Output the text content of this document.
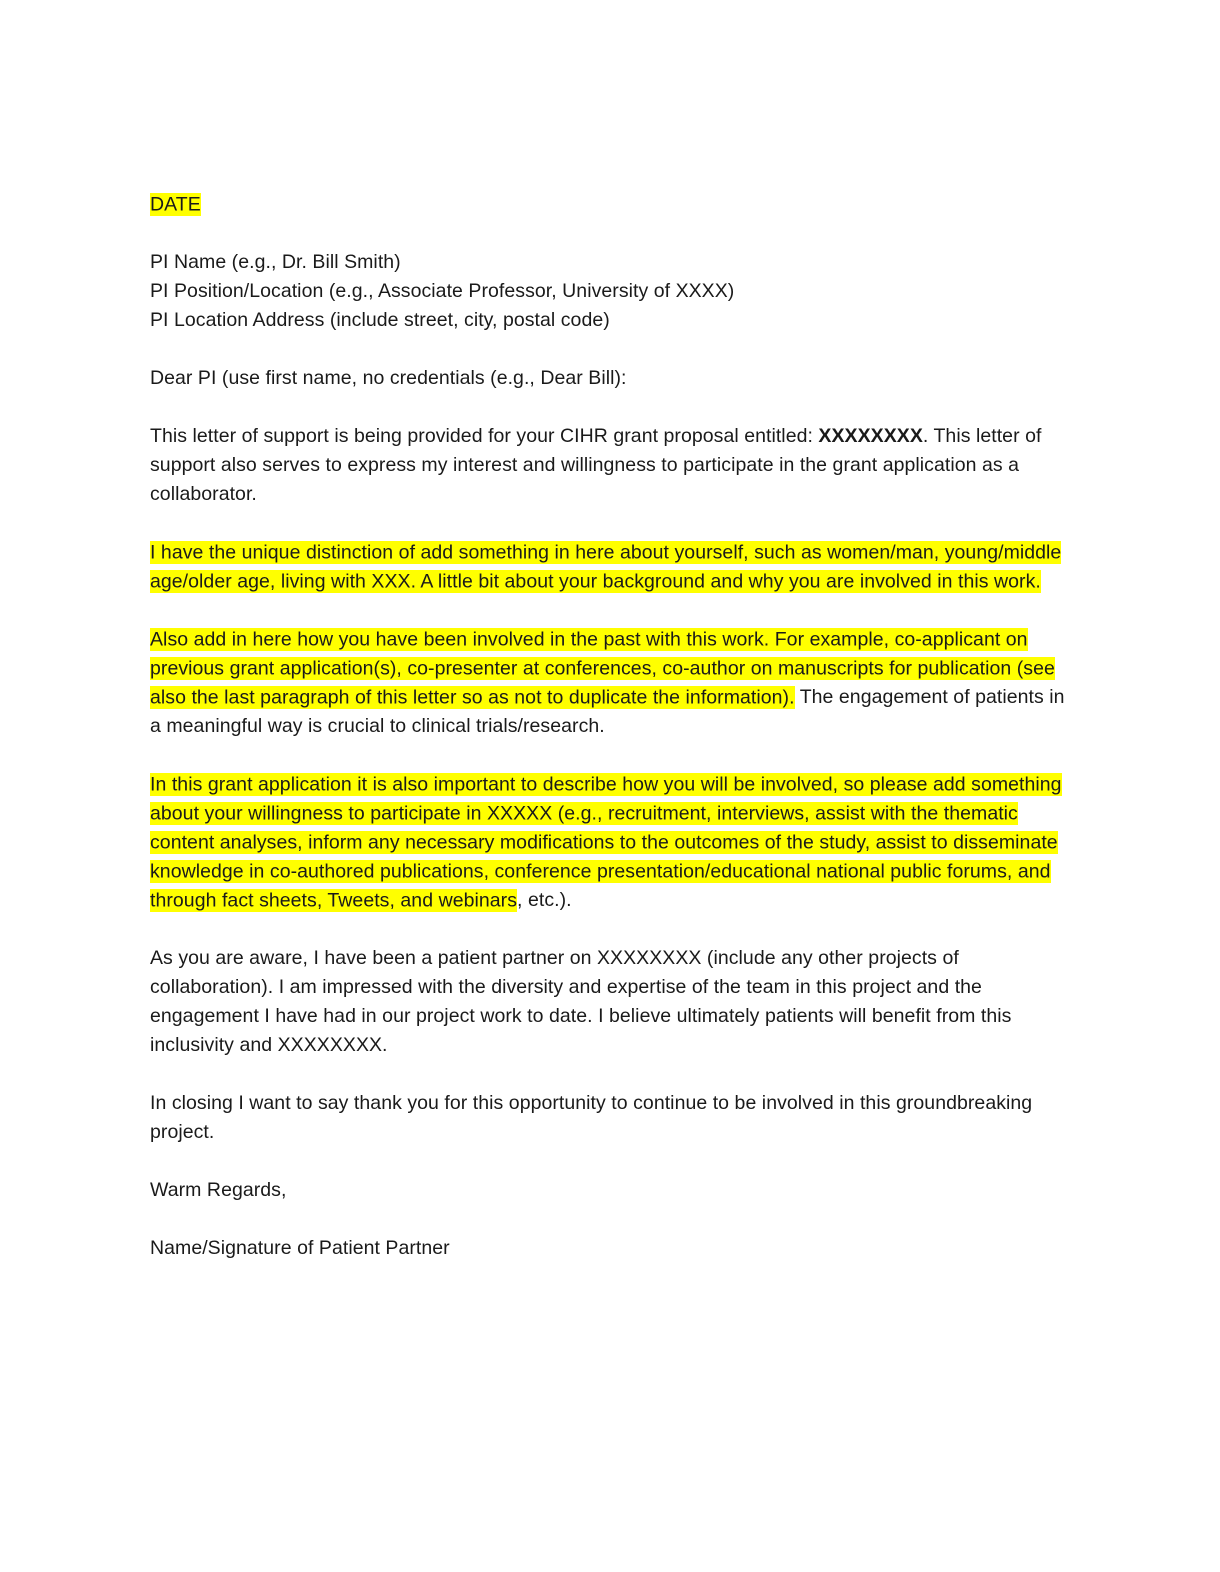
DATE

PI Name (e.g., Dr. Bill Smith)
PI Position/Location (e.g., Associate Professor, University of XXXX)
PI Location Address (include street, city, postal code)

Dear PI (use first name, no credentials (e.g., Dear Bill):

This letter of support is being provided for your CIHR grant proposal entitled: XXXXXXXX. This letter of support also serves to express my interest and willingness to participate in the grant application as a collaborator.

I have the unique distinction of add something in here about yourself, such as women/man, young/middle age/older age, living with XXX. A little bit about your background and why you are involved in this work.

Also add in here how you have been involved in the past with this work. For example, co-applicant on previous grant application(s), co-presenter at conferences, co-author on manuscripts for publication (see also the last paragraph of this letter so as not to duplicate the information). The engagement of patients in a meaningful way is crucial to clinical trials/research.

In this grant application it is also important to describe how you will be involved, so please add something about your willingness to participate in XXXXX (e.g., recruitment, interviews, assist with the thematic content analyses, inform any necessary modifications to the outcomes of the study, assist to disseminate knowledge in co-authored publications, conference presentation/educational national public forums, and through fact sheets, Tweets, and webinars, etc.).

As you are aware, I have been a patient partner on XXXXXXXX (include any other projects of collaboration). I am impressed with the diversity and expertise of the team in this project and the engagement I have had in our project work to date. I believe ultimately patients will benefit from this inclusivity and XXXXXXXX.

In closing I want to say thank you for this opportunity to continue to be involved in this groundbreaking project.

Warm Regards,

Name/Signature of Patient Partner
